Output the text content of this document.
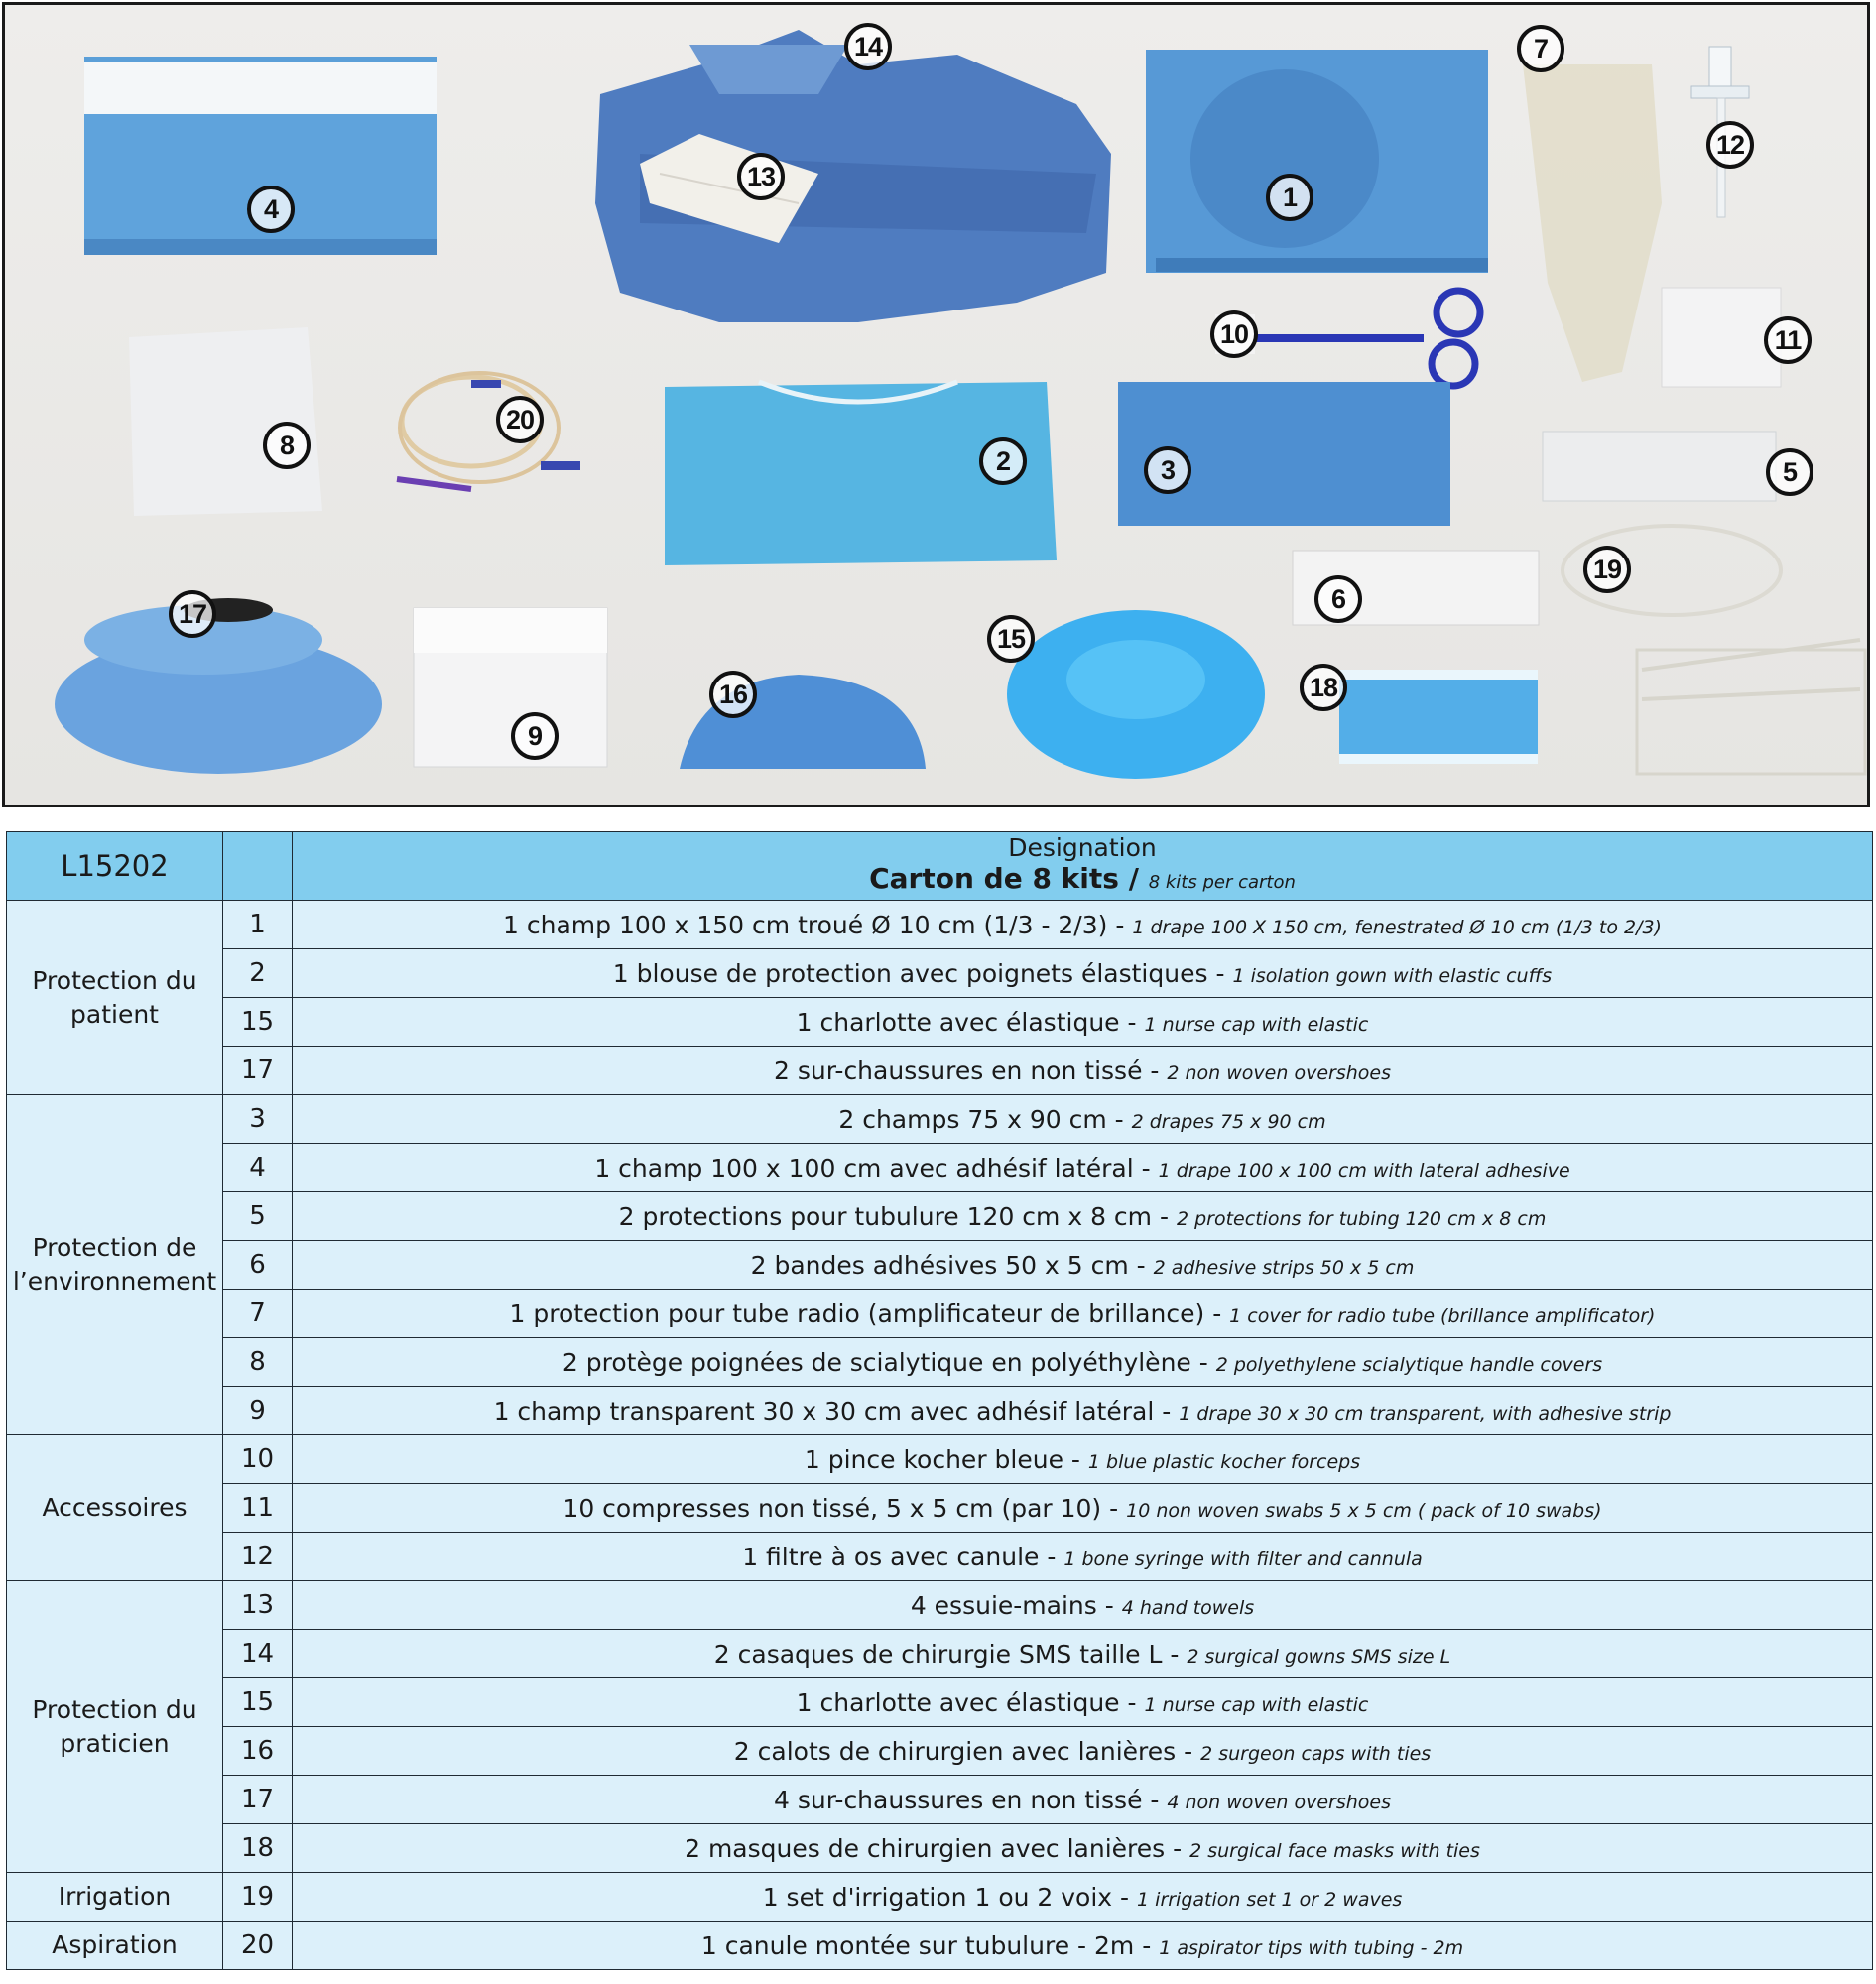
1
2	3
4
5
6
7
8
9
10	11
12
13
14
15
16
17
18
19
20
L15202		Designation
Carton de 8 kits / 8 kits per carton

Protection du patient	1	1 champ 100 x 150 cm troué Ø 10 cm (1/3 - 2/3) - 1 drape 100 X 150 cm, fenestrated Ø 10 cm (1/3 to 2/3)
	2	1 blouse de protection avec poignets élastiques - 1 isolation gown with elastic cuffs
	15	1 charlotte avec élastique - 1 nurse cap with elastic
	17	2 sur-chaussures en non tissé - 2 non woven overshoes
Protection de l’environnement	3	2 champs 75 x 90 cm - 2 drapes 75 x 90 cm
	4	1 champ 100 x 100 cm avec adhésif latéral - 1 drape 100 x 100 cm with lateral adhesive
	5	2 protections pour tubulure 120 cm x 8 cm - 2 protections for tubing 120 cm x 8 cm
	6	2 bandes adhésives 50 x 5 cm - 2 adhesive strips 50 x 5 cm
	7	1 protection pour tube radio (amplificateur de brillance) - 1 cover for radio tube (brillance amplificator)
	8	2 protège poignées de scialytique en polyéthylène - 2 polyethylene scialytique handle covers
	9	1 champ transparent 30 x 30 cm avec adhésif latéral - 1 drape 30 x 30 cm transparent, with adhesive strip
Accessoires	10	1 pince kocher bleue - 1 blue plastic kocher forceps
	11	10 compresses non tissé, 5 x 5 cm (par 10) - 10 non woven swabs 5 x 5 cm ( pack of 10 swabs)
	12	1 filtre à os avec canule - 1 bone syringe with filter and cannula
Protection du praticien	13	4 essuie-mains - 4 hand towels
	14	2 casaques de chirurgie SMS taille L - 2 surgical gowns SMS size L
	15	1 charlotte avec élastique - 1 nurse cap with elastic
	16	2 calots de chirurgien avec lanières - 2 surgeon caps with ties
	17	4 sur-chaussures en non tissé - 4 non woven overshoes
	18	2 masques de chirurgien avec lanières - 2 surgical face masks with ties
Irrigation	19	1 set d'irrigation 1 ou 2 voix - 1 irrigation set 1 or 2 waves
Aspiration	20	1 canule montée sur tubulure - 2m - 1 aspirator tips with tubing - 2m
